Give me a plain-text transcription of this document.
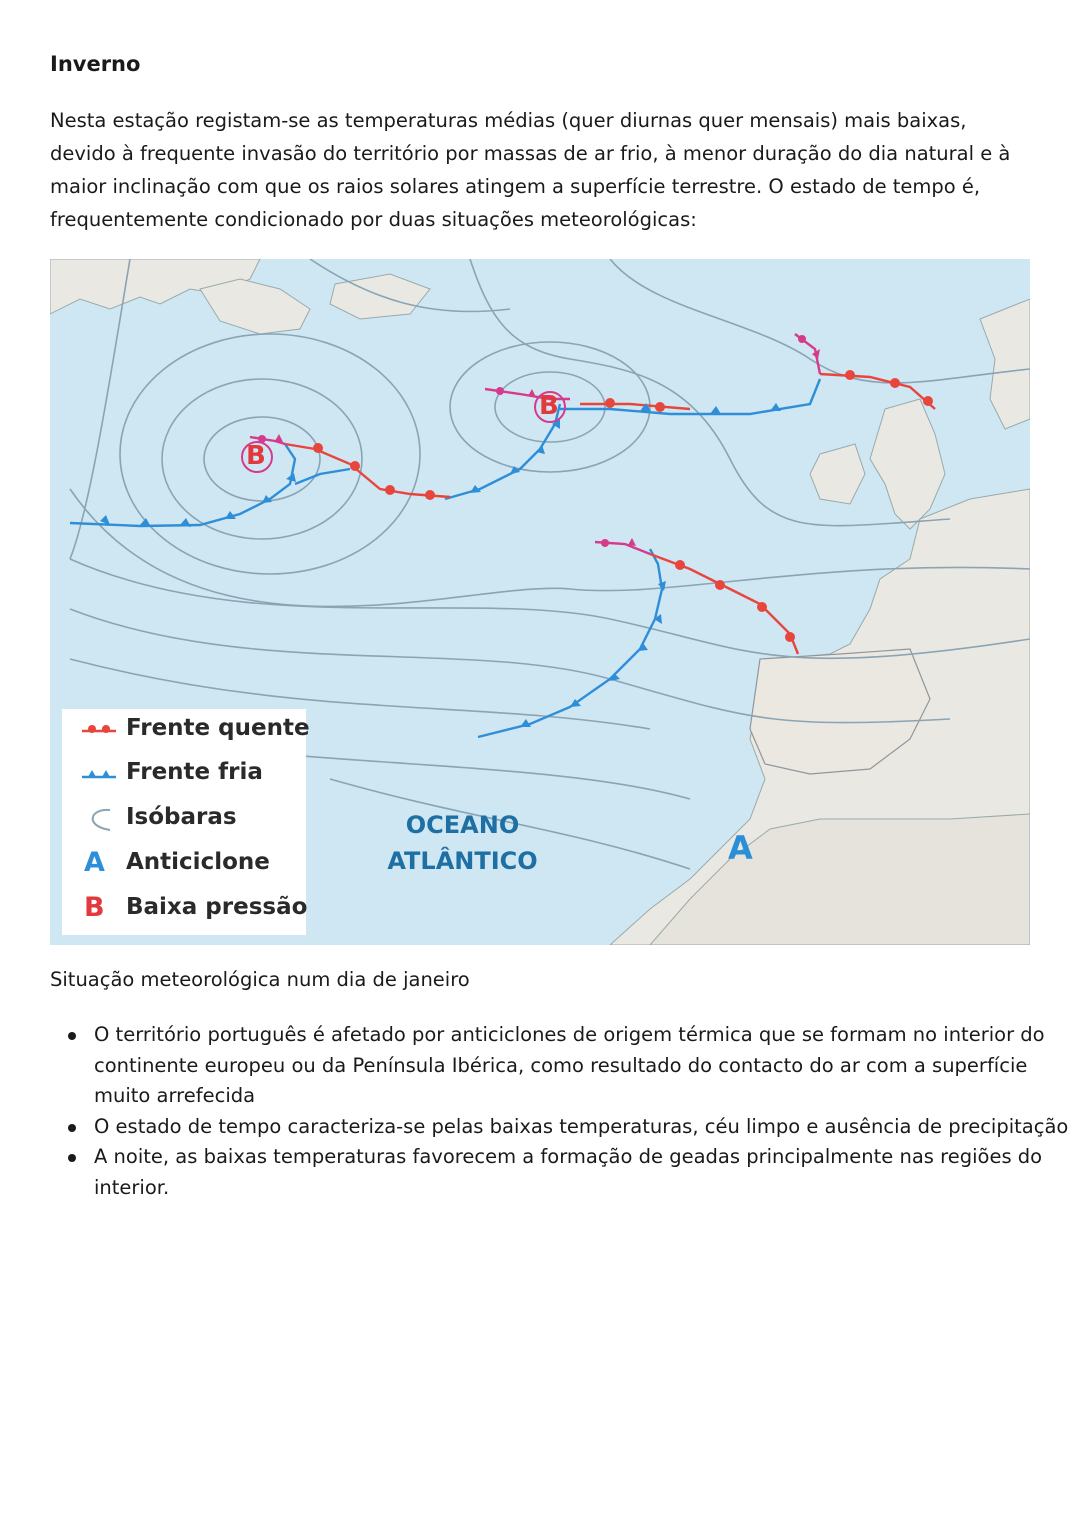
Inverno

Nesta estação registam-se as temperaturas médias (quer diurnas quer mensais) mais baixas, devido à frequente invasão do território por massas de ar frio, à menor duração do dia natural e à maior inclinação com que os raios solares atingem a superfície terrestre. O estado de tempo é, frequentemente condicionado por duas situações meteorológicas:

B
B
OCEANO
ATLÂNTICO	A
Frente quente
Frente fria
Isóbaras
A Anticiclone
B Baixa pressão

Situação meteorológica num dia de janeiro

O território português é afetado por anticiclones de origem térmica que se formam no interior do continente europeu ou da Península Ibérica, como resultado do contacto do ar com a superfície muito arrefecida
O estado de tempo caracteriza-se pelas baixas temperaturas, céu limpo e ausência de precipitação
A noite, as baixas temperaturas favorecem a formação de geadas principalmente nas regiões do interior.
